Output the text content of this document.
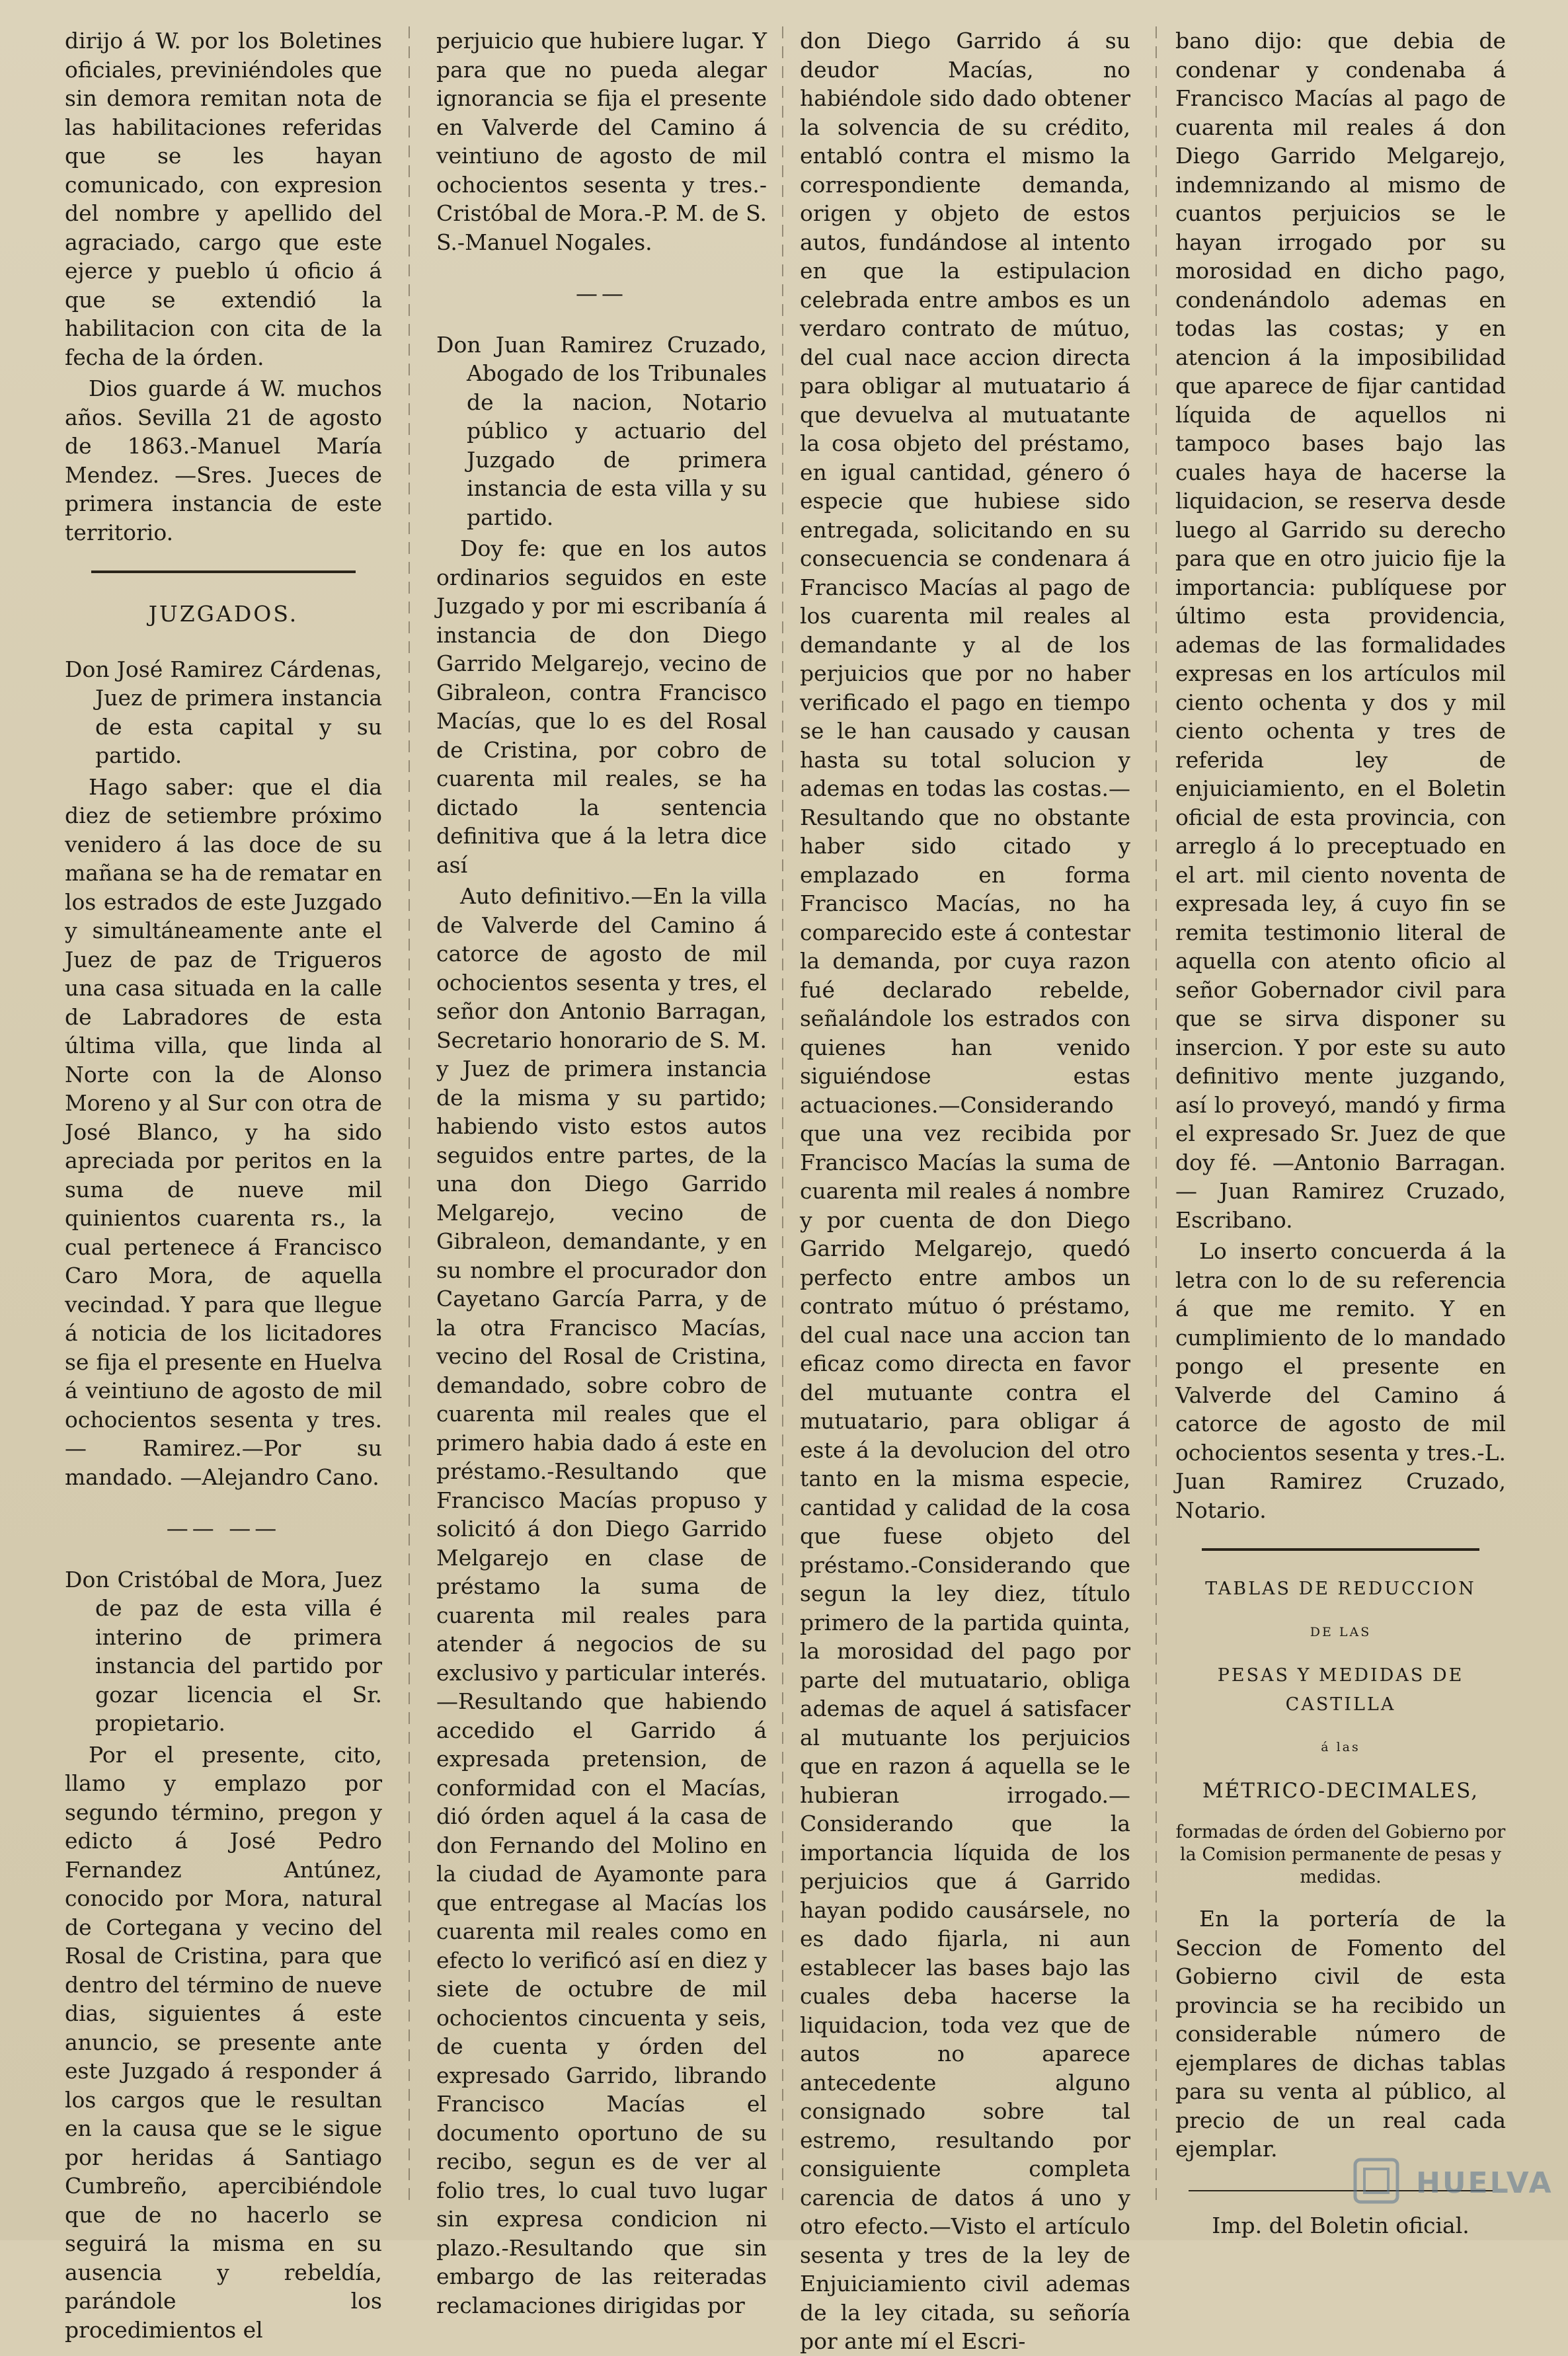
dirijo á W. por los Boletines oficiales, previniéndoles que sin demora remitan nota de las habilitaciones referidas que se les hayan comunicado, con expresion del nombre y apellido del agraciado, cargo que este ejerce y pueblo ú oficio á que se extendió la habilitacion con cita de la fecha de la órden.

Dios guarde á W. muchos años. Sevilla 21 de agosto de 1863.-Manuel María Mendez. —Sres. Jueces de primera instancia de este territorio.

JUZGADOS.

Don José Ramirez Cárdenas, Juez de primera instancia de esta capital y su partido.

Hago saber: que el dia diez de setiembre próximo venidero á las doce de su mañana se ha de rematar en los estrados de este Juzgado y simultáneamente ante el Juez de paz de Trigueros una casa situada en la calle de Labradores de esta última villa, que linda al Norte con la de Alonso Moreno y al Sur con otra de José Blanco, y ha sido apreciada por peritos en la suma de nueve mil quinientos cuarenta rs., la cual pertenece á Francisco Caro Mora, de aquella vecindad. Y para que llegue á noticia de los licitadores se fija el presente en Huelva á veintiuno de agosto de mil ochocientos sesenta y tres.— Ramirez.—Por su mandado. —Alejandro Cano.

—— ——

Don Cristóbal de Mora, Juez de paz de esta villa é interino de primera instancia del partido por gozar licencia el Sr. propietario.

Por el presente, cito, llamo y emplazo por segundo término, pregon y edicto á José Pedro Fernandez Antúnez, conocido por Mora, natural de Cortegana y vecino del Rosal de Cristina, para que dentro del término de nueve dias, siguientes á este anuncio, se presente ante este Juzgado á responder á los cargos que le resultan en la causa que se le sigue por heridas á Santiago Cumbreño, apercibiéndole que de no hacerlo se seguirá la misma en su ausencia y rebeldía, parándole los procedimientos el

perjuicio que hubiere lugar. Y para que no pueda alegar ignorancia se fija el presente en Valverde del Camino á veintiuno de agosto de mil ochocientos sesenta y tres.- Cristóbal de Mora.-P. M. de S. S.-Manuel Nogales.

——

Don Juan Ramirez Cruzado, Abogado de los Tribunales de la nacion, Notario público y actuario del Juzgado de primera instancia de esta villa y su partido.

Doy fe: que en los autos ordinarios seguidos en este Juzgado y por mi escribanía á instancia de don Diego Garrido Melgarejo, vecino de Gibraleon, contra Francisco Macías, que lo es del Rosal de Cristina, por cobro de cuarenta mil reales, se ha dictado la sentencia definitiva que á la letra dice así

Auto definitivo.—En la villa de Valverde del Camino á catorce de agosto de mil ochocientos sesenta y tres, el señor don Antonio Barragan, Secretario honorario de S. M. y Juez de primera instancia de la misma y su partido; habiendo visto estos autos seguidos entre partes, de la una don Diego Garrido Melgarejo, vecino de Gibraleon, demandante, y en su nombre el procurador don Cayetano García Parra, y de la otra Francisco Macías, vecino del Rosal de Cristina, demandado, sobre cobro de cuarenta mil reales que el primero habia dado á este en préstamo.-Resultando que Francisco Macías propuso y solicitó á don Diego Garrido Melgarejo en clase de préstamo la suma de cuarenta mil reales para atender á negocios de su exclusivo y particular interés.—Resultando que habiendo accedido el Garrido á expresada pretension, de conformidad con el Macías, dió órden aquel á la casa de don Fernando del Molino en la ciudad de Ayamonte para que entregase al Macías los cuarenta mil reales como en efecto lo verificó así en diez y siete de octubre de mil ochocientos cincuenta y seis, de cuenta y órden del expresado Garrido, librando Francisco Macías el documento oportuno de su recibo, segun es de ver al folio tres, lo cual tuvo lugar sin expresa condicion ni plazo.-Resultando que sin embargo de las reiteradas reclamaciones dirigidas por

don Diego Garrido á su deudor Macías, no habiéndole sido dado obtener la solvencia de su crédito, entabló contra el mismo la correspondiente demanda, origen y objeto de estos autos, fundándose al intento en que la estipulacion celebrada entre ambos es un verdaro contrato de mútuo, del cual nace accion directa para obligar al mutuatario á que devuelva al mutuatante la cosa objeto del préstamo, en igual cantidad, género ó especie que hubiese sido entregada, solicitando en su consecuencia se condenara á Francisco Macías al pago de los cuarenta mil reales al demandante y al de los perjuicios que por no haber verificado el pago en tiempo se le han causado y causan hasta su total solucion y ademas en todas las costas.—Resultando que no obstante haber sido citado y emplazado en forma Francisco Macías, no ha comparecido este á contestar la demanda, por cuya razon fué declarado rebelde, señalándole los estrados con quienes han venido siguiéndose estas actuaciones.—Considerando que una vez recibida por Francisco Macías la suma de cuarenta mil reales á nombre y por cuenta de don Diego Garrido Melgarejo, quedó perfecto entre ambos un contrato mútuo ó préstamo, del cual nace una accion tan eficaz como directa en favor del mutuante contra el mutuatario, para obligar á este á la devolucion del otro tanto en la misma especie, cantidad y calidad de la cosa que fuese objeto del préstamo.-Considerando que segun la ley diez, título primero de la partida quinta, la morosidad del pago por parte del mutuatario, obliga ademas de aquel á satisfacer al mutuante los perjuicios que en razon á aquella se le hubieran irrogado.—Considerando que la importancia líquida de los perjuicios que á Garrido hayan podido causársele, no es dado fijarla, ni aun establecer las bases bajo las cuales deba hacerse la liquidacion, toda vez que de autos no aparece antecedente alguno consignado sobre tal estremo, resultando por consiguiente completa carencia de datos á uno y otro efecto.—Visto el artículo sesenta y tres de la ley de Enjuiciamiento civil ademas de la ley citada, su señoría por ante mí el Escri-

bano dijo: que debia de condenar y condenaba á Francisco Macías al pago de cuarenta mil reales á don Diego Garrido Melgarejo, indemnizando al mismo de cuantos perjuicios se le hayan irrogado por su morosidad en dicho pago, condenándolo ademas en todas las costas; y en atencion á la imposibilidad que aparece de fijar cantidad líquida de aquellos ni tampoco bases bajo las cuales haya de hacerse la liquidacion, se reserva desde luego al Garrido su derecho para que en otro juicio fije la importancia: publíquese por último esta providencia, ademas de las formalidades expresas en los artículos mil ciento ochenta y dos y mil ciento ochenta y tres de referida ley de enjuiciamiento, en el Boletin oficial de esta provincia, con arreglo á lo preceptuado en el art. mil ciento noventa de expresada ley, á cuyo fin se remita testimonio literal de aquella con atento oficio al señor Gobernador civil para que se sirva disponer su insercion. Y por este su auto definitivo mente juzgando, así lo proveyó, mandó y firma el expresado Sr. Juez de que doy fé. —Antonio Barragan. — Juan Ramirez Cruzado, Escribano.

Lo inserto concuerda á la letra con lo de su referencia á que me remito. Y en cumplimiento de lo mandado pongo el presente en Valverde del Camino á catorce de agosto de mil ochocientos sesenta y tres.-L. Juan Ramirez Cruzado, Notario.

TABLAS DE REDUCCION

DE LAS

PESAS Y MEDIDAS DE CASTILLA

á las

MÉTRICO-DECIMALES,

formadas de órden del Gobierno por la Comision permanente de pesas y medidas.

En la portería de la Seccion de Fomento del Gobierno civil de esta provincia se ha recibido un considerable número de ejemplares de dichas tablas para su venta al público, al precio de un real cada ejemplar.

Imp. del Boletin oficial.

HUELVA
